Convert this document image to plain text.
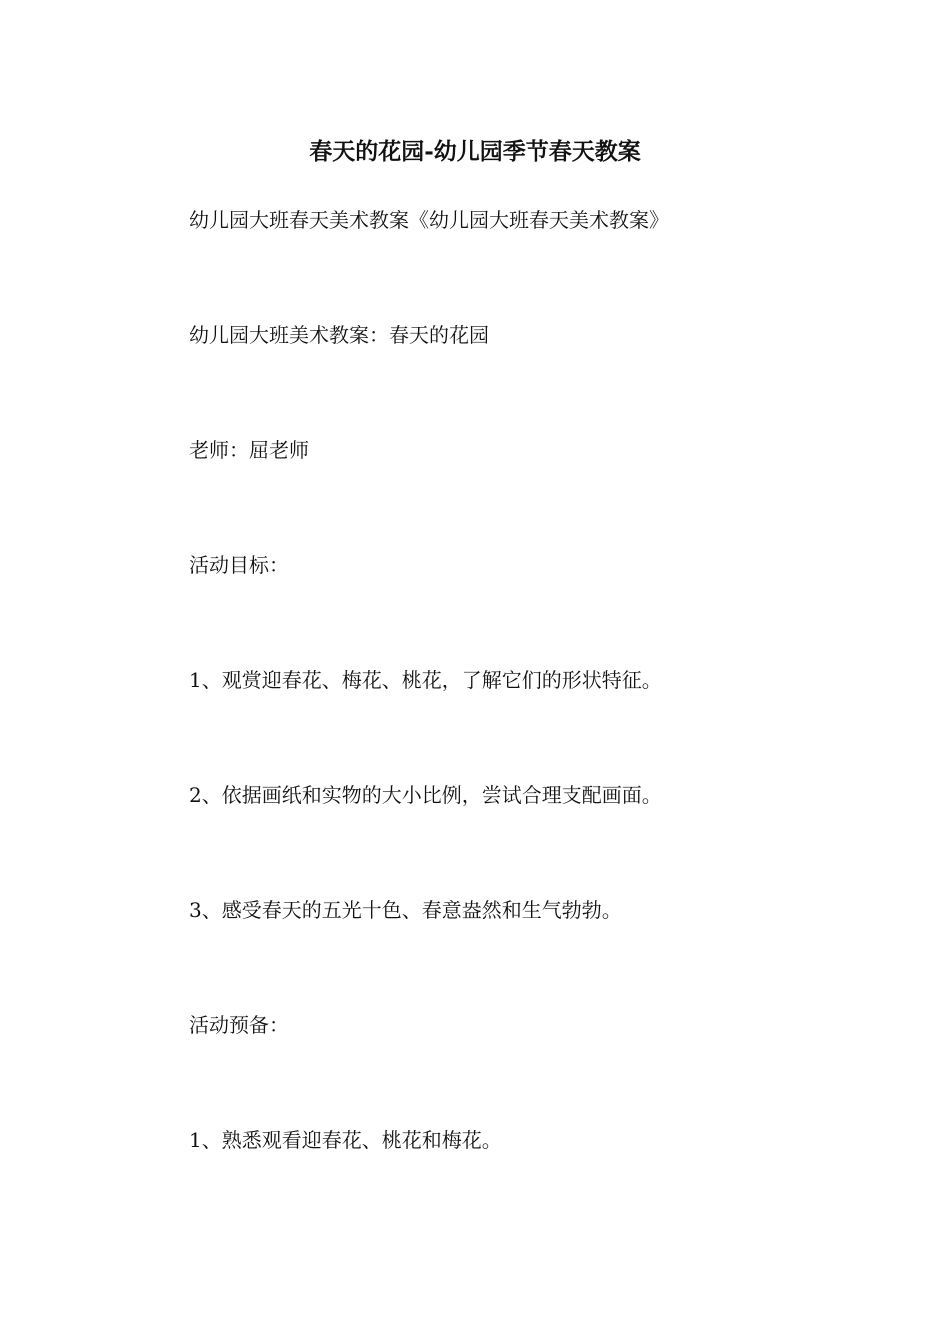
春天的花园-幼儿园季节春天教案

幼儿园大班春天美术教案《幼儿园大班春天美术教案》

幼儿园大班美术教案：春天的花园

老师：屈老师

活动目标：

1、观赏迎春花、梅花、桃花，了解它们的形状特征。

2、依据画纸和实物的大小比例，尝试合理支配画面。

3、感受春天的五光十色、春意盎然和生气勃勃。

活动预备：

1、熟悉观看迎春花、桃花和梅花。
